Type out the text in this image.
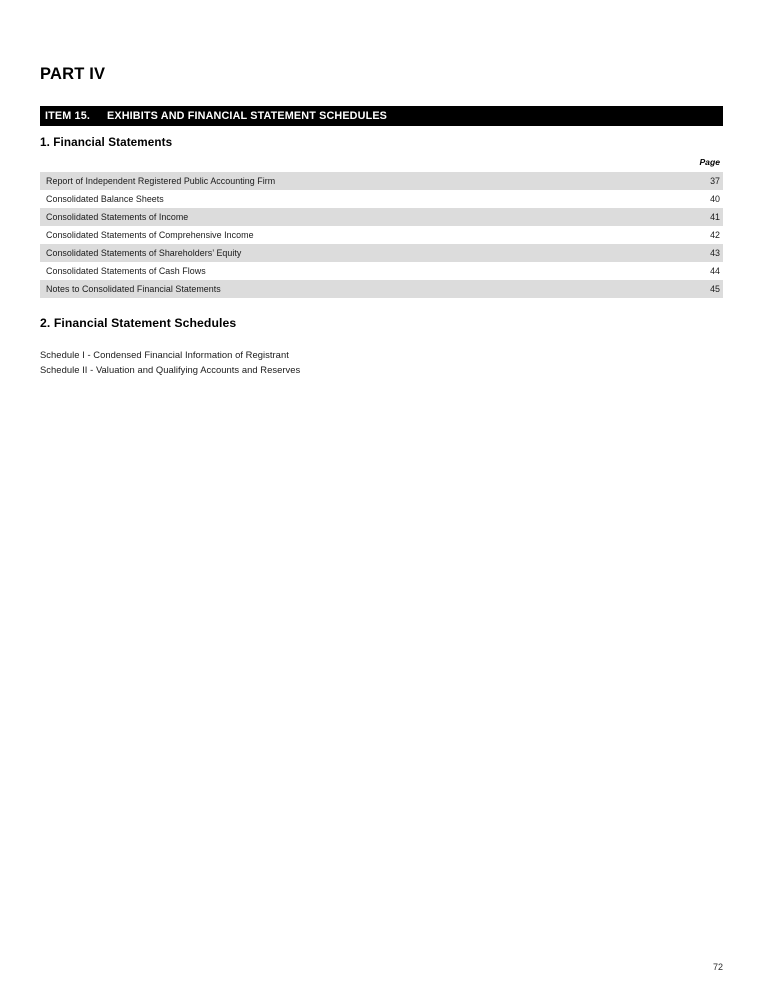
PART IV
ITEM 15. EXHIBITS AND FINANCIAL STATEMENT SCHEDULES
1. Financial Statements
Page
Report of Independent Registered Public Accounting Firm	37
Consolidated Balance Sheets	40
Consolidated Statements of Income	41
Consolidated Statements of Comprehensive Income	42
Consolidated Statements of Shareholders’ Equity	43
Consolidated Statements of Cash Flows	44
Notes to Consolidated Financial Statements	45
2. Financial Statement Schedules
Schedule I - Condensed Financial Information of Registrant
Schedule II - Valuation and Qualifying Accounts and Reserves
72
